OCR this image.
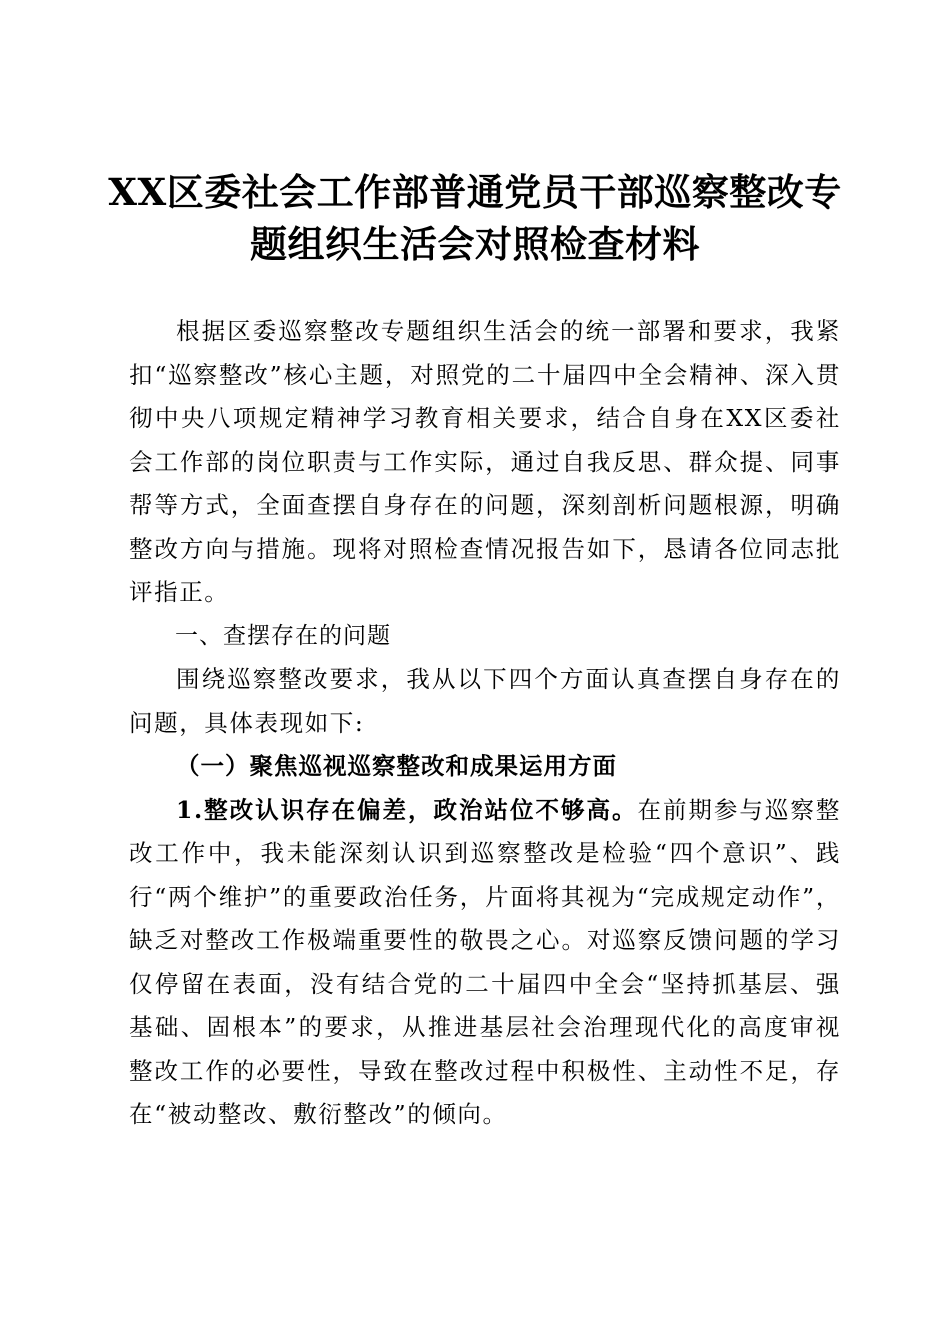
XX区委社会工作部普通党员干部巡察整改专
题组织生活会对照检查材料

根据区委巡察整改专题组织生活会的统一部署和要求，我紧扣“巡察整改”核心主题，对照党的二十届四中全会精神、深入贯彻中央八项规定精神学习教育相关要求，结合自身在XX区委社会工作部的岗位职责与工作实际，通过自我反思、群众提、同事帮等方式，全面查摆自身存在的问题，深刻剖析问题根源，明确整改方向与措施。现将对照检查情况报告如下，恳请各位同志批评指正。

一、查摆存在的问题

围绕巡察整改要求，我从以下四个方面认真查摆自身存在的问题，具体表现如下:

（一）聚焦巡视巡察整改和成果运用方面

1.整改认识存在偏差，政治站位不够高。在前期参与巡察整改工作中，我未能深刻认识到巡察整改是检验“四个意识”、践行“两个维护”的重要政治任务，片面将其视为“完成规定动作”，缺乏对整改工作极端重要性的敬畏之心。对巡察反馈问题的学习仅停留在表面，没有结合党的二十届四中全会“坚持抓基层、强基础、固根本”的要求，从推进基层社会治理现代化的高度审视整改工作的必要性，导致在整改过程中积极性、主动性不足，存在“被动整改、敷衍整改”的倾向。
